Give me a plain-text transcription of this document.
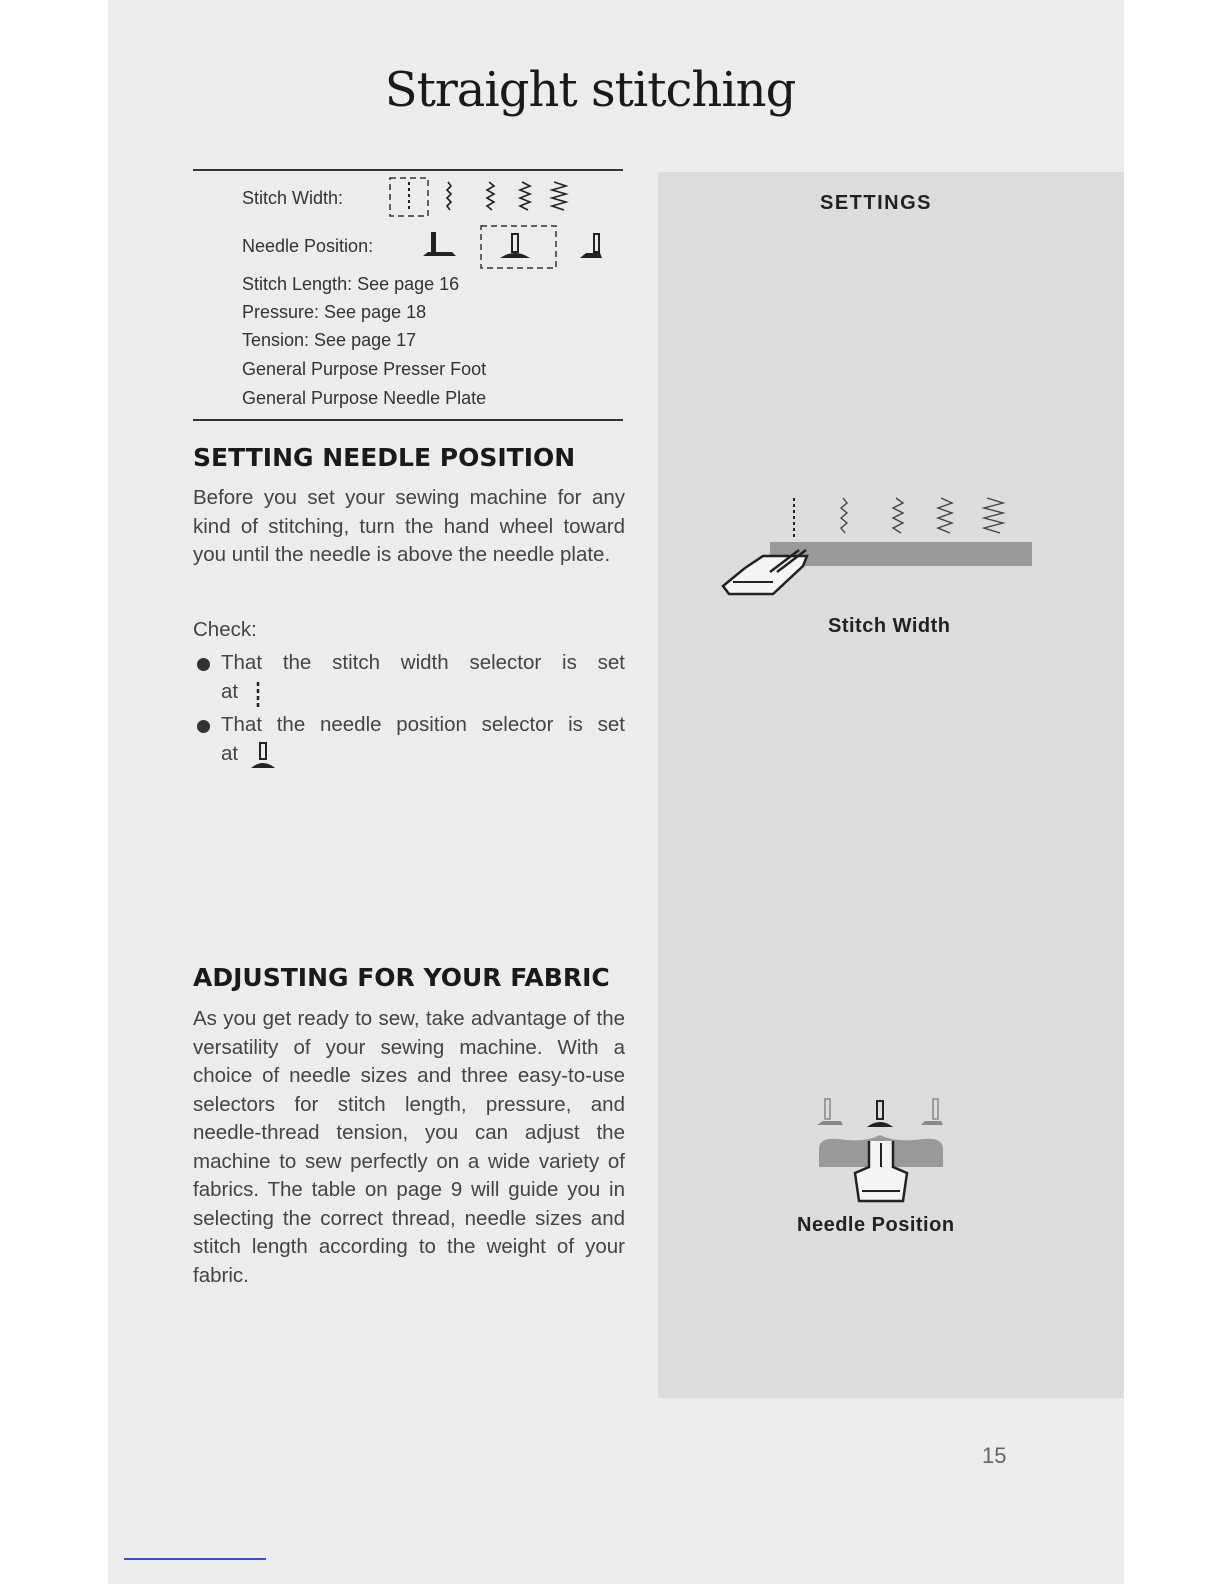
Straight stitching
Stitch Width:
Needle Position:
Stitch Length: See page 16
Pressure: See page 18
Tension: See page 17
General Purpose Presser Foot
General Purpose Needle Plate
SETTING NEEDLE POSITION
Before you set your sewing machine for any kind of stitching, turn the hand wheel toward you until the needle is above the needle plate.
Check:
That the stitch width selector is set
at
That the needle position selector is set
at
ADJUSTING FOR YOUR FABRIC
As you get ready to sew, take advantage of the versatility of your sewing machine. With a choice of needle sizes and three easy-to-use selectors for stitch length, pressure, and needle-thread tension, you can adjust the machine to sew perfectly on a wide variety of fabrics. The table on page 9 will guide you in selecting the correct thread, needle sizes and stitch length according to the weight of your fabric.
SETTINGS
Stitch Width
Needle Position
15
